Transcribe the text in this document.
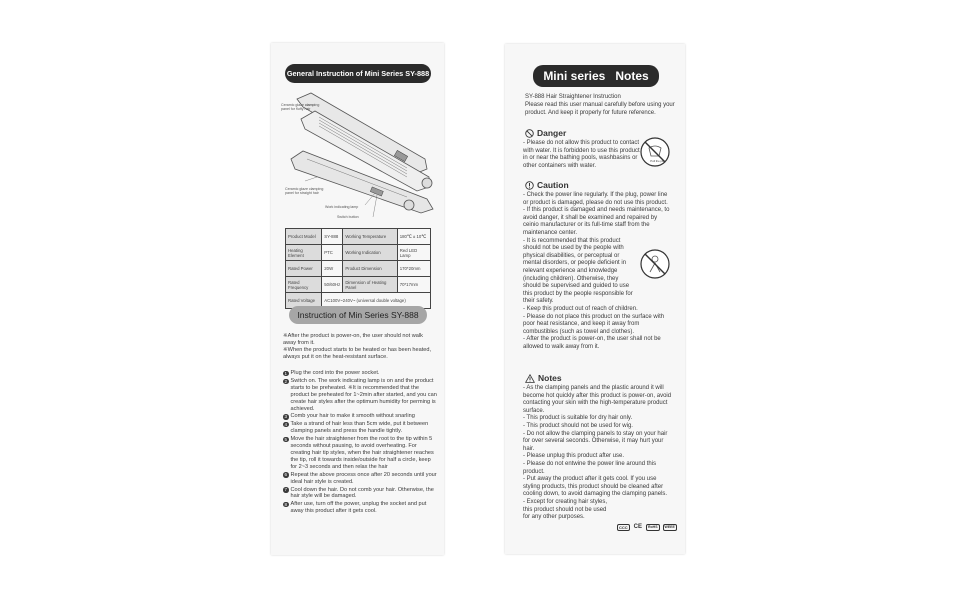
General Instruction of Mini Series SY-888
Ceramic glaze clamping panel for fluffy hair
Ceramic glaze clamping panel for straight hair
Work indicating lamp
Switch button
Product Model	SY-888	Working Temperature	180℃ ± 10℃
Heating Element	PTC	Working Indication	Red LED Lamp
Rated Power	20W	Product Dimension	170*20mm
Rated Frequency	50/60Hz	Dimension of Heating Panel	70*17mm
Rated Voltage	AC100V~240V~ (universal double voltage)		
Instruction of Min Series SY-888
※After the product is power-on, the user should not walk away from it.
※When the product starts to be heated or has been heated, always put it on the heat-resistant surface.
1 Plug the cord into the power socket.
2 Switch on. The work indicating lamp is on and the product starts to be preheated. ※It is recommended that the product be preheated for 1~2min after started, and you can create hair styles after the optimum humidity for perming is achieved.
3 Comb your hair to make it smooth without snarling
4 Take a strand of hair less than 5cm wide, put it between clamping panels and press the handle tightly.
5 Move the hair straightener from the root to the tip within 5 seconds without pausing, to avoid overheating. For creating hair tip styles, when the hair straightener reaches the tip, roll it towards inside/outside for half a circle, keep for 2~3 seconds and then relax the hair
6 Repeat the above process once after 20 seconds until your ideal hair style is created.
7 Cool down the hair. Do not comb your hair. Otherwise, the hair style will be damaged.
8 After use, turn off the power, unplug the socket and put away this product after it gets cool.
Mini series   Notes
SY-888 Hair Straightener Instruction
Please read this user manual carefully before using your product. And keep it properly for future reference.
Danger
- Please do not allow this product to contact with water. It is forbidden to use this product in or near the bathing pools, washbasins or other containers with water.
Pull the plug
Caution
- Check the power line regularly. If the plug, power line or product is damaged, please do not use this product.
- If this product is damaged and needs maintenance, to avoid danger, it shall be examined and repaired by ceinio manufacturer or its full-time staff from the maintenance center.
- It is recommended that this product should not be used by the people with physical disabilities, or perceptual or mental disorders, or people deficient in relevant experience and knowledge (including children). Otherwise, they should be supervised and guided to use this product by the people responsible for their safety.
- Keep this product out of reach of children.
- Please do not place this product on the surface with poor heat resistance, and keep it away from combustibles (such as towel and clothes).
- After the product is power-on, the user shall not be allowed to walk away from it.
Notes
- As the clamping panels and the plastic around it will become hot quickly after this product is power-on, avoid contacting your skin with the high-temperature product surface.
- This product is suitable for dry hair only.
- This product should not be used for wig.
- Do not allow the clamping panels to stay on your hair for over several seconds. Otherwise, it may hurt your hair.
- Please unplug this product after use.
- Please do not entwine the power line around this product.
- Put away the product after it gets cool. If you use styling products, this product should be cleaned after cooling down, to avoid damaging the clamping panels.
- Except for creating hair styles, this product should not be used for any other purposes.
CCC	CE	RoHS	WEEE
